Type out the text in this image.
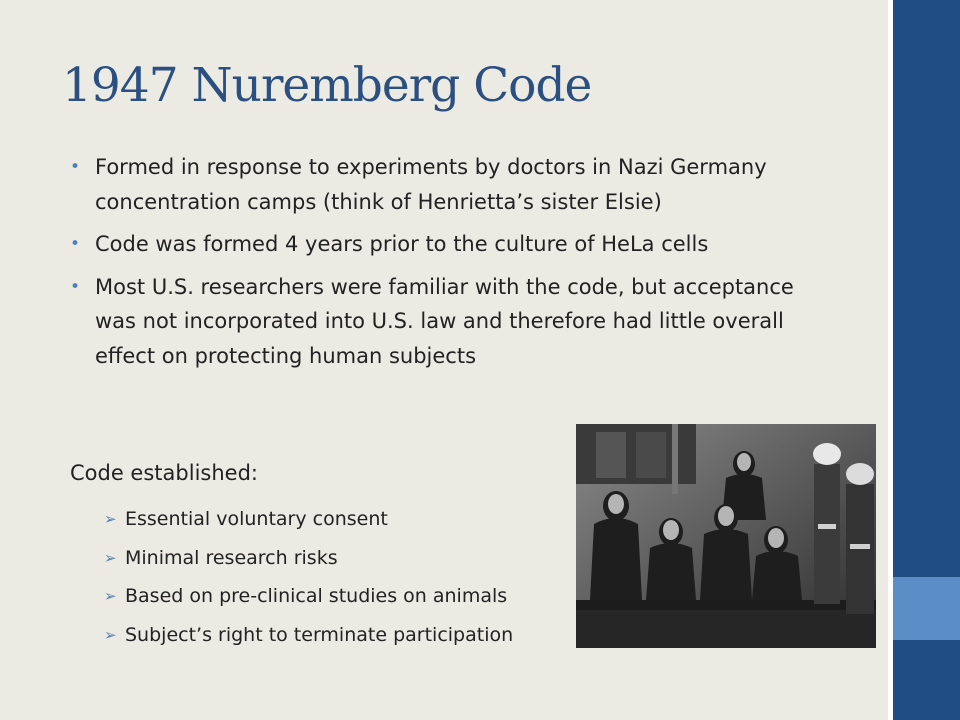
1947 Nuremberg Code
• Formed in response to experiments by doctors in Nazi Germany concentration camps (think of Henrietta’s sister Elsie)
• Code was formed 4 years prior to the culture of HeLa cells
• Most U.S. researchers were familiar with the code, but acceptance was not incorporated into U.S. law and therefore had little overall effect on protecting human subjects

Code established:

➢ Essential voluntary consent
➢ Minimal research risks
➢ Based on pre-clinical studies on animals
➢ Subject’s right to terminate participation
